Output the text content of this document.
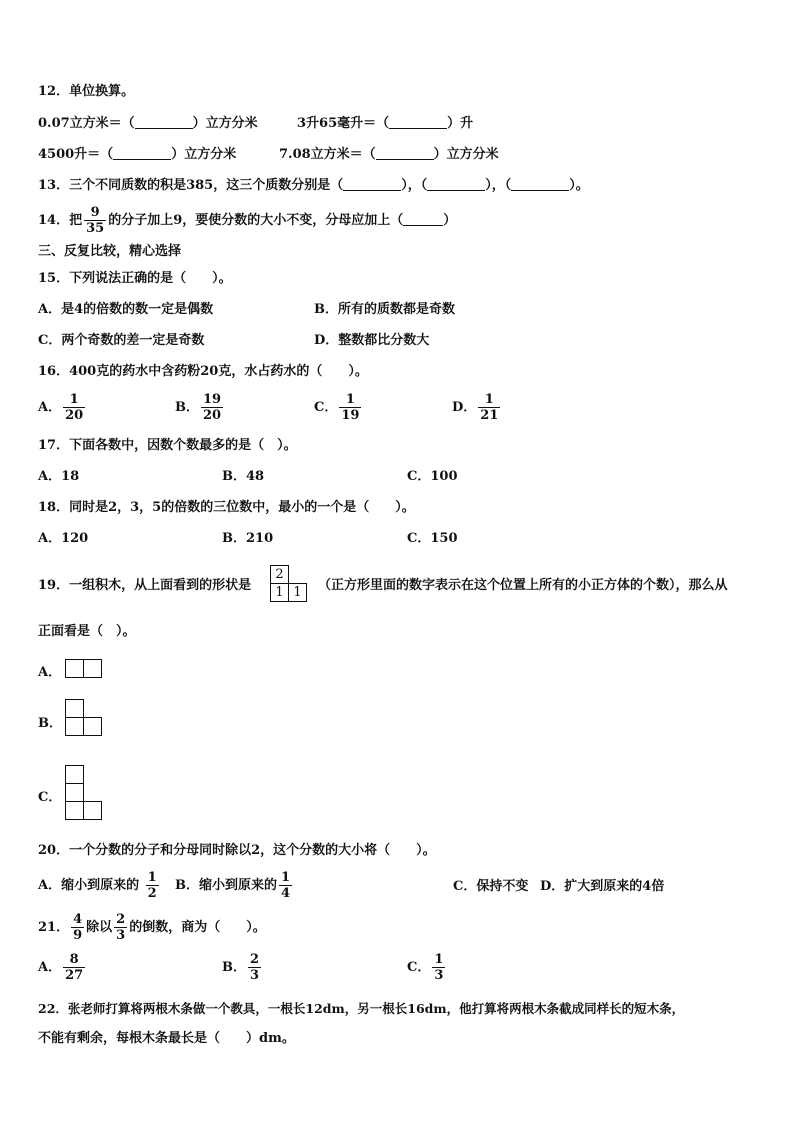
12．单位换算。
0.07立方米＝（	）立方分米	3升65毫升＝（	）升
4500升＝（	）立方分米	7.08立方米＝（	）立方分米
13．三个不同质数的积是385，这三个质数分别是（	），（	），（	）。
14．把 $\frac{9}{35}$ 的分子加上9，要使分数的大小不变，分母应加上（	）
三、反复比较，精心选择
15．下列说法正确的是（　　）。
A．是4的倍数的数一定是偶数	B．所有的质数都是奇数
C．两个奇数的差一定是奇数	D．整数都比分数大
16．400克的药水中含药粉20克，水占药水的（　　）。
A． $\frac{1}{20}$	B． $\frac{19}{20}$	C． $\frac{1}{19}$	D． $\frac{1}{21}$
17．下面各数中，因数个数最多的是（　）。
A．18	B．48	C．100
18．同时是2，3，5的倍数的三位数中，最小的一个是（　　）。
A．120	B．210	C．150
19．一组积木，从上面看到的形状是
2
1 1	（正方形里面的数字表示在这个位置上所有的小正方体的个数），那么从
正面看是（　）。
A．
B．
C．
20．一个分数的分子和分母同时除以2，这个分数的大小将（　　）。
A．缩小到原来的 $\frac{1}{2}$ B．缩小到原来的 $\frac{1}{4}$	C．保持不变 D．扩大到原来的4倍
21． $\frac{4}{9}$ 除以 $\frac{2}{3}$ 的倒数，商为（　　）。
A． $\frac{8}{27}$	B． $\frac{2}{3}$	C． $\frac{1}{3}$
22．张老师打算将两根木条做一个教具，一根长12dm，另一根长16dm，他打算将两根木条截成同样长的短木条，
不能有剩余，每根木条最长是（　　）dm。
